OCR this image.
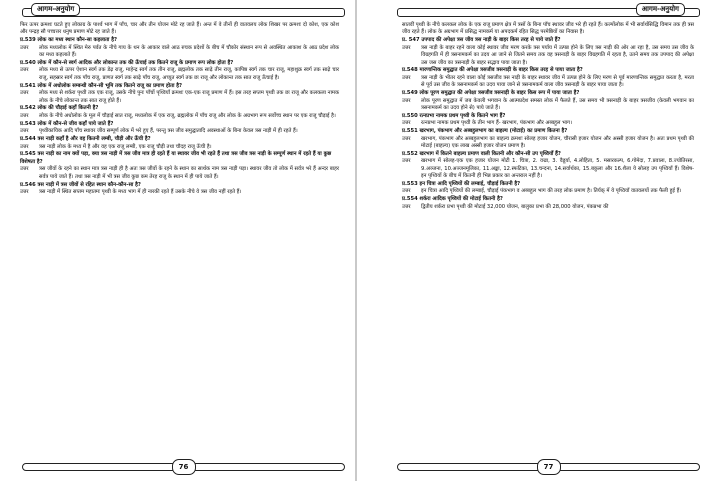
आगम-अनुयोग
फिर ऊपर क्रमशः घटते हुए लोकाग्र के पार्श्व भाग में पाँच, चार और तीन योजन मोटे रह जाते हैं। अन्त में वे तीनों ही वातवलय लोक शिखर पर क्रमशः दो कोश, एक कोश और पन्द्रह सौ पच्चत्तर धनुष प्रमाण मोटे रह जाते हैं।
प्र.539 लोक का मध्य स्थान कौन-सा कहलाता है?
उत्तर	लोक मध्यलोक में स्थित मेरु पर्वत के नीचे गाय के थन के आकार वाले आठ रुचक प्रदेशों के बीच में चौकोर संस्थान रूप से अवस्थित आकाश के आठ प्रदेश लोक का मध्य कहलाते हैं।
प्र.540 लोक में कौन-से स्वर्ग आदिक और लोकान्त तक की ऊँचाई तक कितने राजू के प्रमाण रूप लोक होता है?
उत्तर	लोक मध्य से ऊपर ऐशान स्वर्ग तक डेढ़ राजू, माहेन्द्र स्वर्ग तक तीन राजू, ब्रह्मलोक तक साढ़े तीन राजू, कापिष्ठ स्वर्ग तक चार राजू, महाशुक्र स्वर्ग तक साढ़े चार राजू, सहस्रार स्वर्ग तक पाँच राजू, प्राणत स्वर्ग तक साढ़े पाँच राजू, अच्युत स्वर्ग तक छः राजू और लोकान्त तक सात राजू ऊँचाई है।
प्र.541 लोक में अधोलोक सम्बन्धी कौन-सी भूमि तक कितने राजू का प्रमाण होता है?
उत्तर	लोक मध्य से शर्करा पृथ्वी तक एक राजू, उसके नीचे पुनः पाँचों पृथ्वियाँ क्रमशः एक-एक राजू प्रमाण में हैं। इस तरह सप्तम पृथ्वी तक छः राजू और कलकला नामक लोक के नीचे लोकान्त तक सात राजू होते हैं।
प्र.542 लोक की चौड़ाई कहाँ कितनी है?
उत्तर	लोक के नीचे अधोलोक के मूल में चौड़ाई सात राजू, मध्यलोक में एक राजू, ब्रह्मलोक में पाँच राजू और लोक के अग्रभाग रूप सर्वोच्च स्थान पर एक राजू चौड़ाई है।
प्र.543 लोक में कौन-से जीव कहाँ पाये जाते हैं?
उत्तर	पृथ्वीकायिक आदि पाँच स्थावर जीव सम्पूर्ण लोक में भरे हुए हैं, परन्तु त्रस जीव समुद्घातादि अवस्थाओं के बिना केवल त्रस नाड़ी में ही रहते हैं।
प्र.544 त्रस नाड़ी कहाँ है और वह कितनी लम्बी, चौड़ी और ऊँची है?
उत्तर	त्रस नाड़ी लोक के मध्य में है और वह एक राजू लम्बी, एक राजू चौड़ी तथा चौदह राजू ऊँची है।
प्र.545 त्रस नाड़ी का नाम क्यों पड़ा, क्या त्रस नाड़ी में त्रस जीव मात्र ही रहते हैं या स्थावर जीव भी रहते हैं तथा त्रस जीव त्रस नाड़ी के सम्पूर्ण स्थान में रहते हैं या कुछ विशेषता है?
उत्तर	त्रस जीवों के रहने का स्थान मात्र त्रस नाड़ी ही है अतः त्रस जीवों के रहने के स्थान का सार्थक नाम त्रस नाड़ी पड़ा। स्थावर जीव तो लोक में सर्वत्र भरे हैं अन्दर बाहर सर्वत्र पाये जाते हैं। तथा त्रस नाड़ी में भी त्रस जीव कुछ कम तेरह राजू के स्थान में ही पाये जाते हैं।
प्र.546 त्रस नाड़ी में त्रस जीवों से रहित स्थान कौन-कौन-सा है?
उत्तर	त्रस नाड़ी में स्थित सप्तम महातमः पृथ्वी के मध्य भाग में ही नारकी रहते हैं उसके नीचे वे त्रस जीव नहीं रहते हैं।
76
आगम-अनुयोग
सातवीं पृथ्वी के नीचे कलकल लोक के एक राजू प्रमाण क्षेत्र में त्रसों के बिना पाँच स्थावर जीव भरे ही रहते हैं। कल्पोंलोक में भी सर्वार्थसिद्धि विमान तक ही त्रस जीव रहते हैं। लोक के अग्रभाग में प्रसिद्ध नामकर्म या अपदकर्म रहित सिद्ध परमेष्ठियों का निवास है।
प्र. 547 उपपाद की अपेक्षा त्रस जीव त्रस नाड़ी के बाहर किस तरह से पाये जाते हैं?
उत्तर	त्रस नाड़ी के बाहर रहने वाला कोई स्थावर जीव मरण करके त्रस पर्याय में उत्पन्न होने के लिए त्रस नाड़ी की ओर आ रहा है, उस समय उस जीव के विग्रहगति में ही त्रसनामकर्म का उदय आ जाने से जितने समय तक वह त्रसनाड़ी के बाहर विग्रहगति में रहता है, उतने समय तक उपपाद की अपेक्षा उस जस जीव का त्रसनाड़ी के बाहर सद्भाव पाया जाता है।
प्र.548 मारणान्तिक समुद्घात की अपेक्षा त्रसजीव त्रसनाड़ी के बाहर किस तरह से पाया जाता है?
उत्तर	त्रस नाड़ी के भीतर रहने वाला कोई त्रसजीव त्रस नाड़ी के बाहर स्थावर जीव में उत्पन्न होने के लिए मरण से पूर्व मारणान्तिक समुद्घात करता है, मरता से पूर्व उस जीव के त्रसनामकर्म का उदय पाया जाने से त्रसनामकर्म वाला जीव त्रसनाड़ी के बाहर पाया जाता है।
प्र.549 लोक पूरण समुद्घात की अपेक्षा त्रसजीव त्रसनाड़ी के बाहर किस रूप में पाया जाता है?
उत्तर	लोक पूरण समुद्घात में जब केवली भगवान के आत्मप्रदेश समस्त लोक में फैलते हैं, उस समय भी त्रसनाड़ी के बाहर त्रसजीव (केवली भगवान का त्रसनामकर्म का उदय होने से) पाये जाते हैं।
प्र.550 रत्नप्रभा नामक प्रथम पृथ्वी के कितने भाग हैं?
उत्तर	रत्नप्रभा नामक प्रथम पृथ्वी के तीन भाग हैं- खरभाग, पंकभाग और अब्बहुल भाग।
प्र.551 खरभाग, पंकभाग और अब्बहुलभाग का बाहल्य (मोटाई) का प्रमाण कितना है?
उत्तर	खरभाग, पंकभाग और अब्बहुलभाग का बाहल्य क्रमशः सोलह हजार योजन, चौरासी हजार योजन और अस्सी हजार योजन है। अतः प्रथम पृथ्वी की मोटाई (बाहल्य) एक लाख अस्सी हजार योजन प्रमाण है।
प्र.552 खरभाग में कितने बाहल्य प्रमाण वाली कितनी और कौन-सी उप पृथ्वियाँ हैं?
उत्तर	खरभाग में सोलह-एक एक हजार योजन मोटी 1. चित्रा, 2. वज्रा, 3. वैडूर्या, 4.लोहिता, 5. मसारकल्प, 6.गोमेदा, 7.प्रवाला, 8.ज्योतिरसा, 9.अञ्जना, 10.अञ्जनमूलिका, 11.अङ्का, 12.स्फटिका, 13.चन्दना, 14.सर्वार्थका, 15.बकुला और 16.शैला ये सोलह उप पृथ्वियाँ हैं। विशेष- इन पृथ्वियों के बीच में कितनी ही भिन्न प्रकार का अन्तराल नहीं है।
प्र.553 इन चित्रा आदि पृथ्वियों की लम्बाई, चौड़ाई कितनी है?
उत्तर	इन चित्रा आदि पृथ्वियों की लम्बाई, चौड़ाई पंकभाग व अब्बहुल भाग की तरह लोक प्रमाण है। तिर्यक् में ये पृथ्वियाँ वातवलयों तक फैली हुई हैं।
प्र.554 शर्करा आदिक पृथ्वियों की मोटाई कितनी है?
उत्तर	द्वितीय शर्करा प्रभा पृथ्वी की मोटाई 32,000 योजन, बालुका प्रभा की 28,000 योजन, पंकप्रभा की
77
